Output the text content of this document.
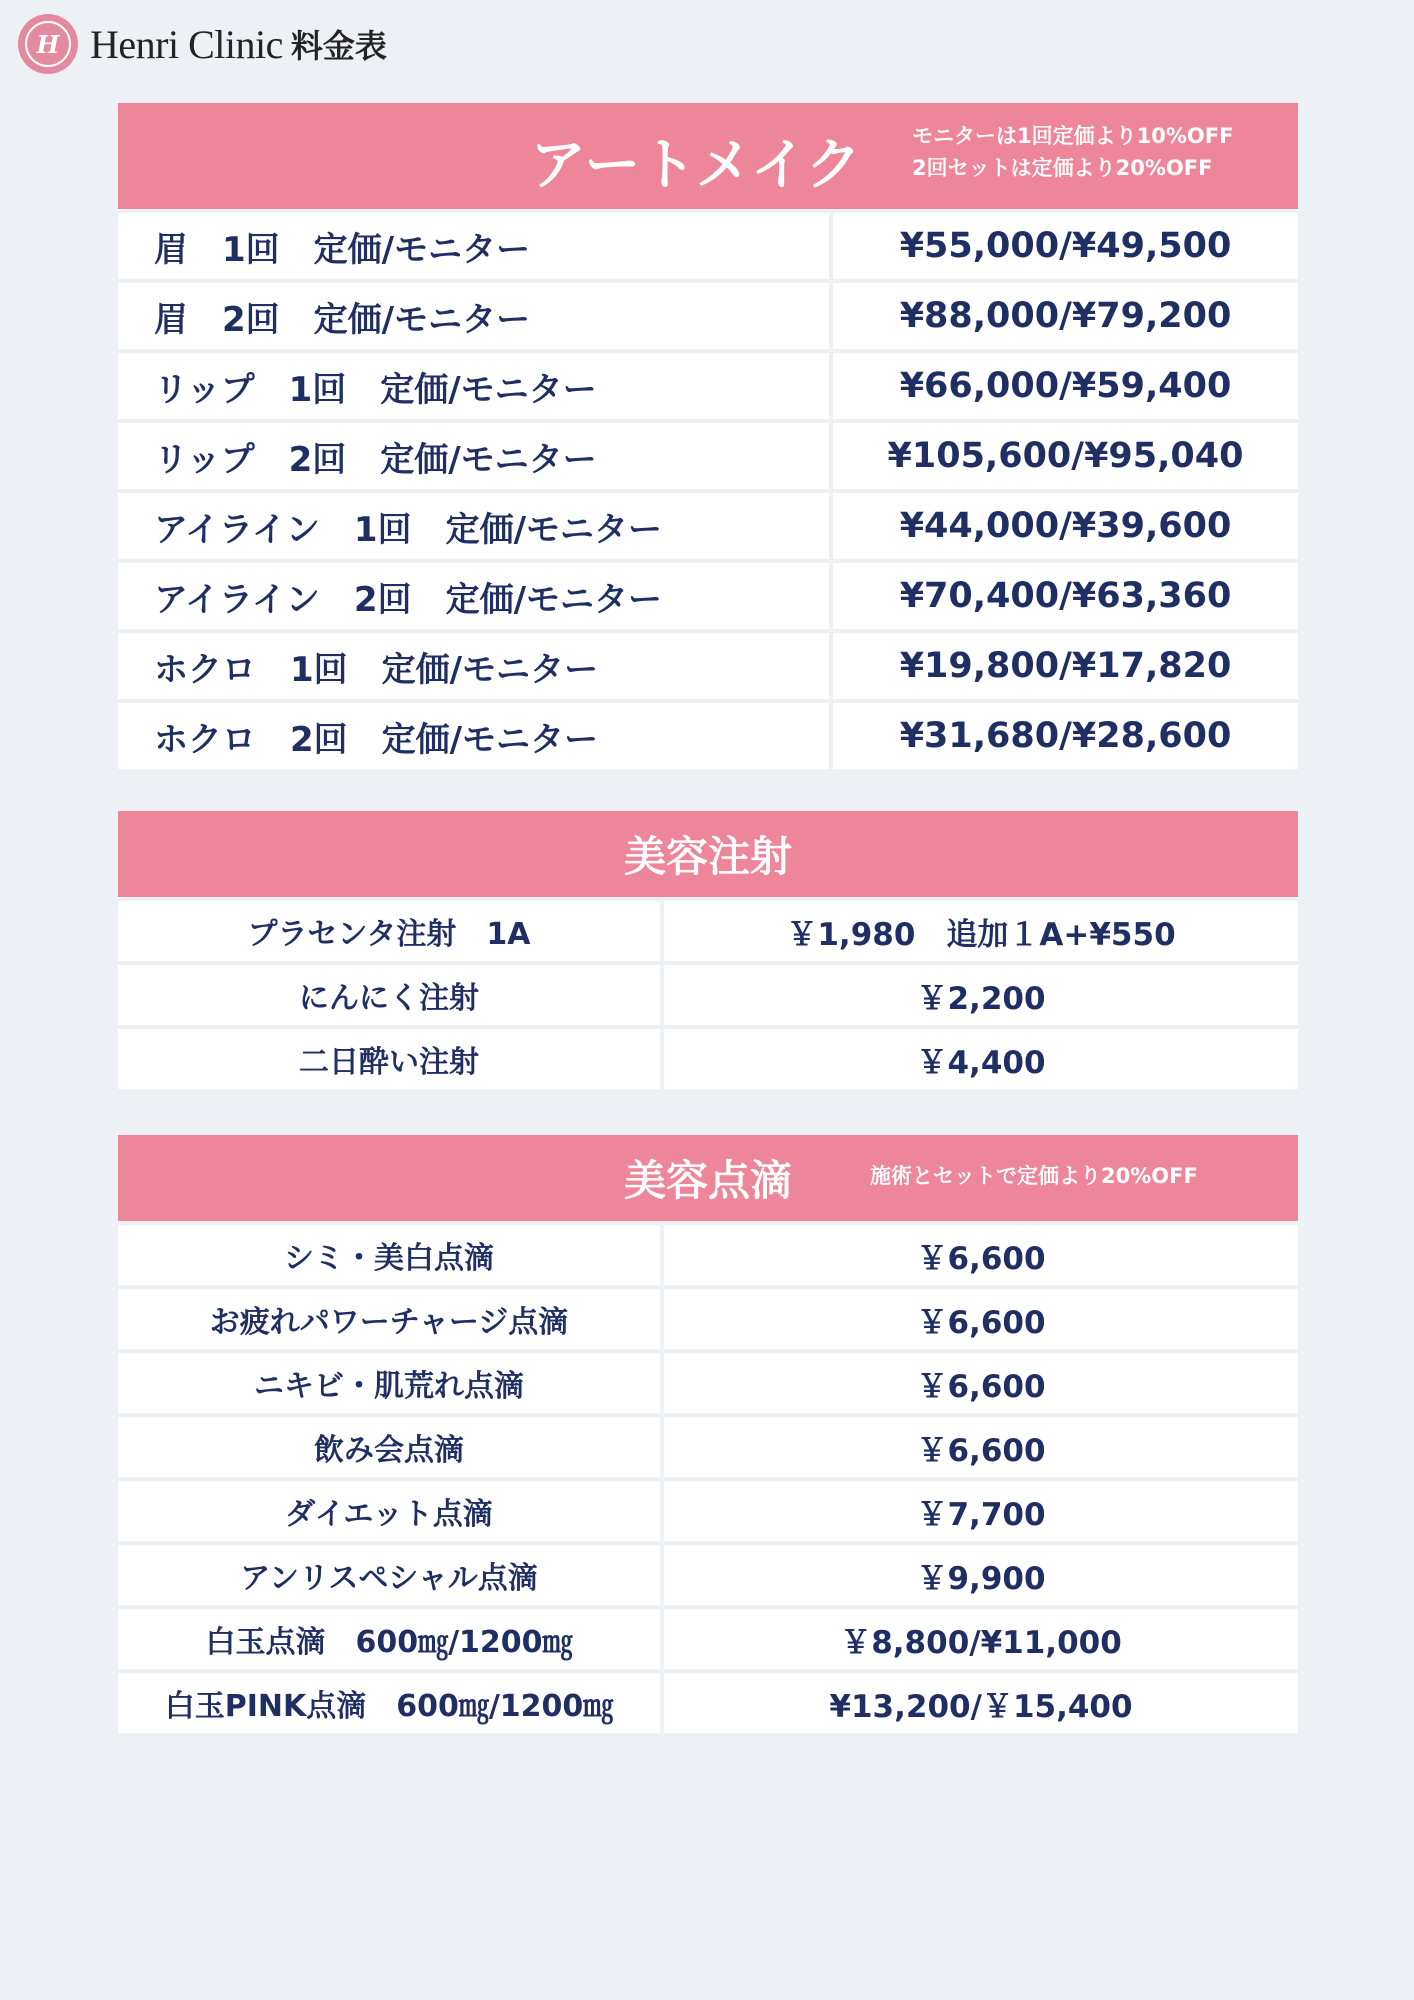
H Henri Clinic 料金表
アートメイク モニターは1回定価より10%OFF
2回セットは定価より20%OFF
眉　1回　定価/モニター	¥55,000/¥49,500
眉　2回　定価/モニター	¥88,000/¥79,200
リップ　1回　定価/モニター	¥66,000/¥59,400
リップ　2回　定価/モニター	¥105,600/¥95,040
アイライン　1回　定価/モニター	¥44,000/¥39,600
アイライン　2回　定価/モニター	¥70,400/¥63,360
ホクロ　1回　定価/モニター	¥19,800/¥17,820
ホクロ　2回　定価/モニター	¥31,680/¥28,600
美容注射
プラセンタ注射　1A	￥1,980　追加１A+¥550
にんにく注射	￥2,200
二日酔い注射	￥4,400
美容点滴	施術とセットで定価より20%OFF
シミ・美白点滴	￥6,600
お疲れパワーチャージ点滴	￥6,600
ニキビ・肌荒れ点滴	￥6,600
飲み会点滴	￥6,600
ダイエット点滴	￥7,700
アンリスペシャル点滴	￥9,900
白玉点滴　600㎎/1200㎎	￥8,800/¥11,000
白玉PINK点滴　600㎎/1200㎎	¥13,200/￥15,400
